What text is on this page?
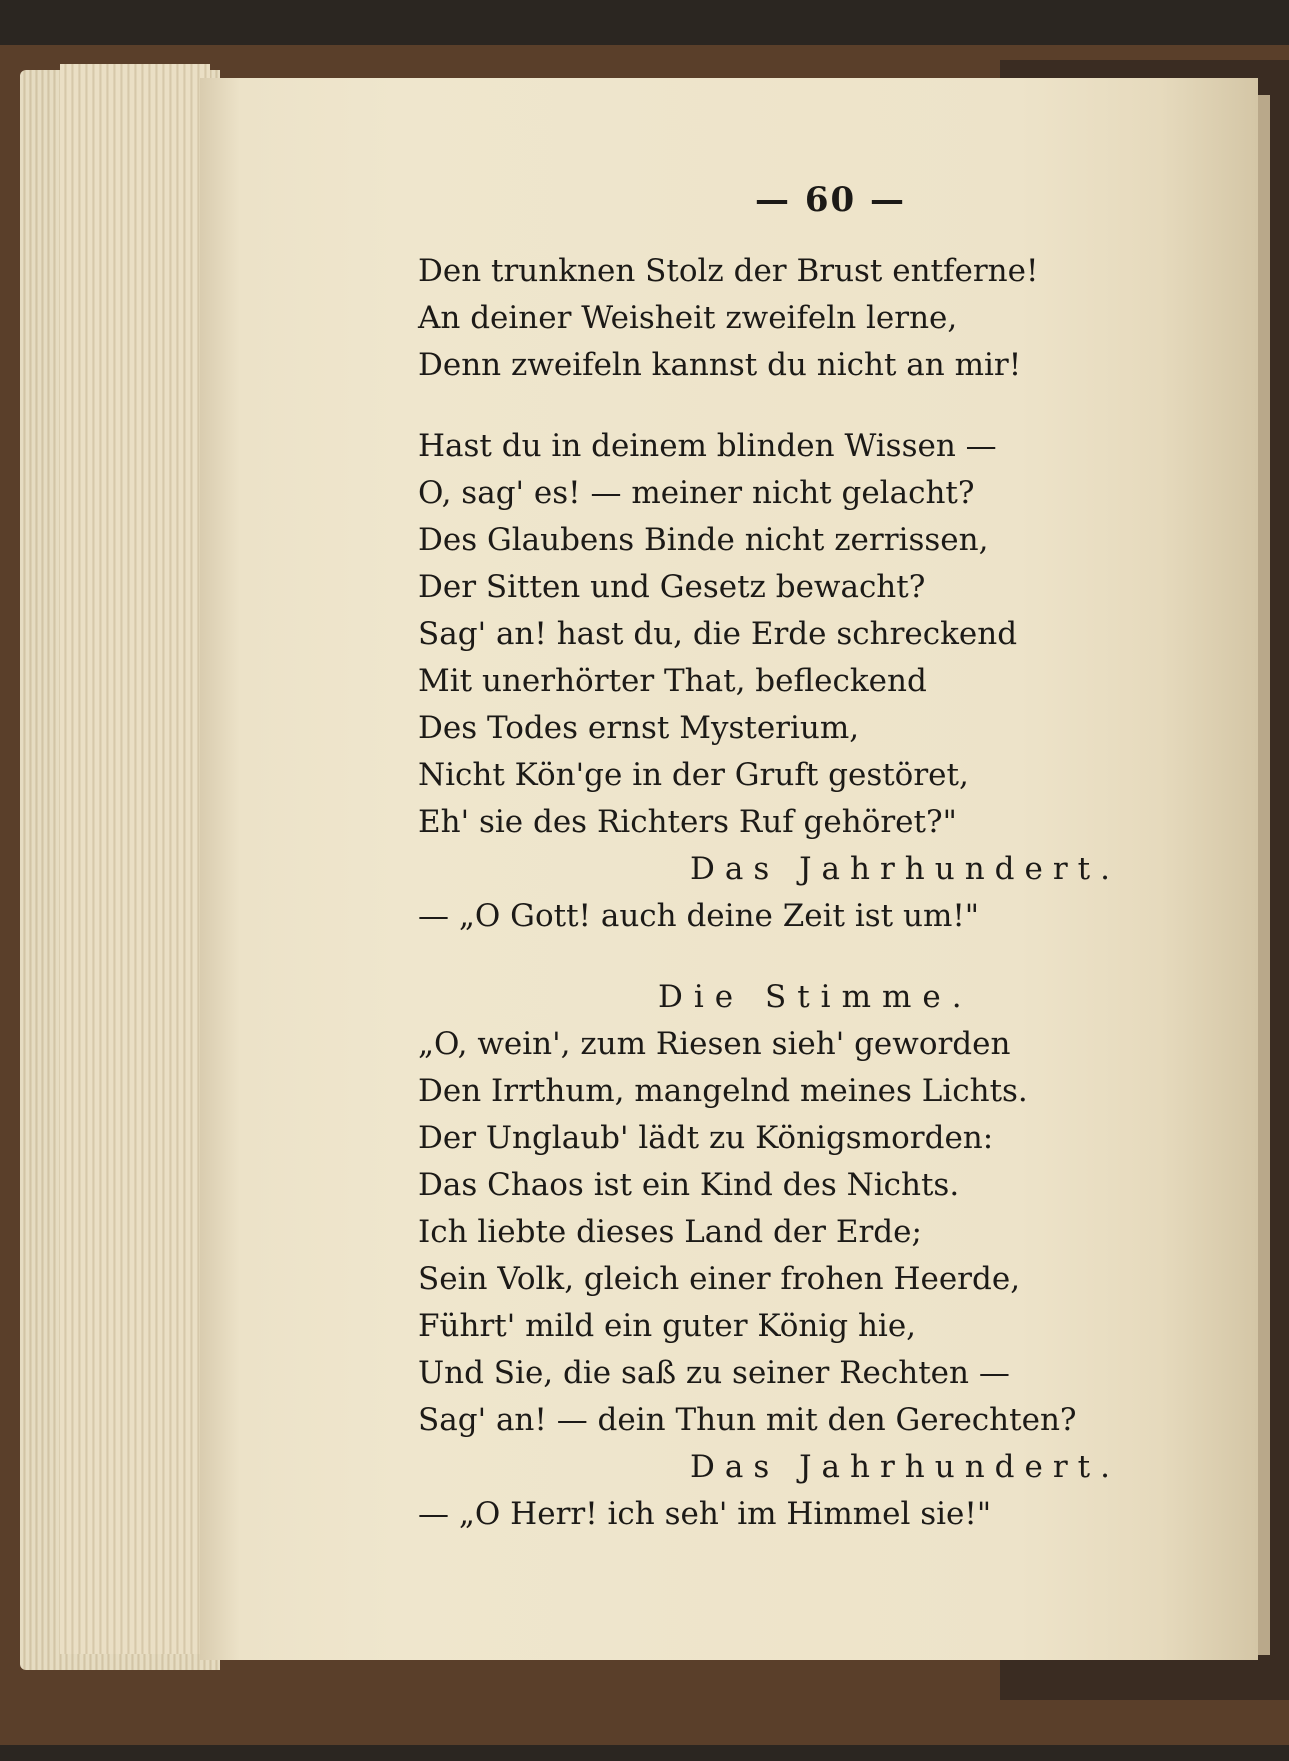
— 60 —
Den trunknen Stolz der Brust entferne!
An deiner Weisheit zweifeln lerne,
Denn zweifeln kannst du nicht an mir!
Hast du in deinem blinden Wissen —
O, sag' es! — meiner nicht gelacht?
Des Glaubens Binde nicht zerrissen,
Der Sitten und Gesetz bewacht?
Sag' an! hast du, die Erde schreckend
Mit unerhörter That, befleckend
Des Todes ernst Mysterium,
Nicht Kön'ge in der Gruft gestöret,
Eh' sie des Richters Ruf gehöret?"
Das Jahrhundert.
— „O Gott! auch deine Zeit ist um!"
Die Stimme.
„O, wein', zum Riesen sieh' geworden
Den Irrthum, mangelnd meines Lichts.
Der Unglaub' lädt zu Königsmorden:
Das Chaos ist ein Kind des Nichts.
Ich liebte dieses Land der Erde;
Sein Volk, gleich einer frohen Heerde,
Führt' mild ein guter König hie,
Und Sie, die saß zu seiner Rechten —
Sag' an! — dein Thun mit den Gerechten?
Das Jahrhundert.
— „O Herr! ich seh' im Himmel sie!"
